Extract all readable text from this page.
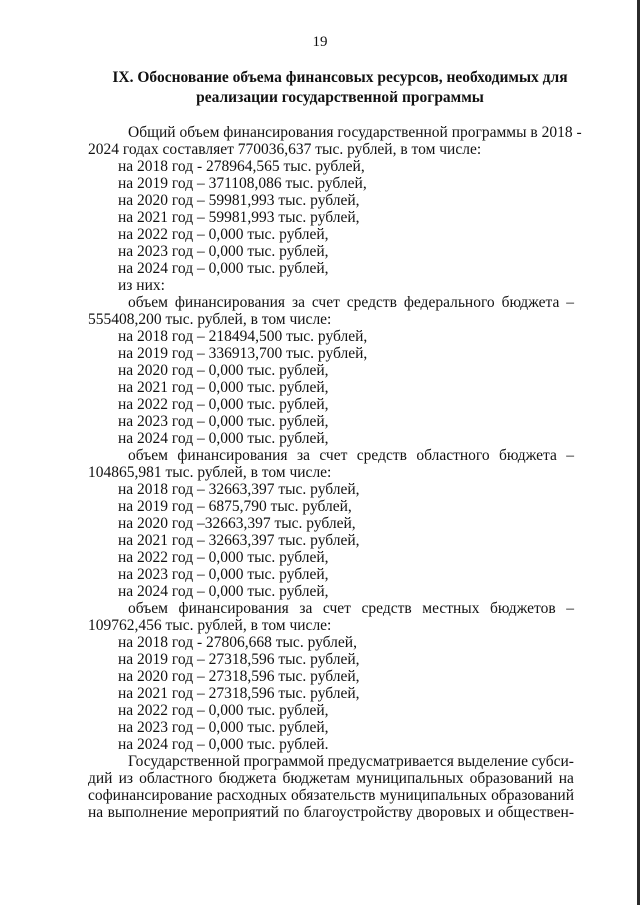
19
IX. Обоснование объема финансовых ресурсов, необходимых для
реализации государственной программы
Общий объем финансирования государственной программы в 2018 -
2024 годах составляет 770036,637 тыс. рублей, в том числе:
на 2018 год - 278964,565 тыс. рублей,
на 2019 год – 371108,086 тыс. рублей,
на 2020 год – 59981,993 тыс. рублей,
на 2021 год – 59981,993 тыс. рублей,
на 2022 год – 0,000 тыс. рублей,
на 2023 год – 0,000 тыс. рублей,
на 2024 год – 0,000 тыс. рублей,
из них:
объем финансирования за счет средств федерального бюджета –
555408,200 тыс. рублей, в том числе:
на 2018 год – 218494,500 тыс. рублей,
на 2019 год – 336913,700 тыс. рублей,
на 2020 год – 0,000 тыс. рублей,
на 2021 год – 0,000 тыс. рублей,
на 2022 год – 0,000 тыс. рублей,
на 2023 год – 0,000 тыс. рублей,
на 2024 год – 0,000 тыс. рублей,
объем финансирования за счет средств областного бюджета –
104865,981 тыс. рублей, в том числе:
на 2018 год – 32663,397 тыс. рублей,
на 2019 год – 6875,790 тыс. рублей,
на 2020 год –32663,397 тыс. рублей,
на 2021 год – 32663,397 тыс. рублей,
на 2022 год – 0,000 тыс. рублей,
на 2023 год – 0,000 тыс. рублей,
на 2024 год – 0,000 тыс. рублей,
объем финансирования за счет средств местных бюджетов –
109762,456 тыс. рублей, в том числе:
на 2018 год - 27806,668 тыс. рублей,
на 2019 год – 27318,596 тыс. рублей,
на 2020 год – 27318,596 тыс. рублей,
на 2021 год – 27318,596 тыс. рублей,
на 2022 год – 0,000 тыс. рублей,
на 2023 год – 0,000 тыс. рублей,
на 2024 год – 0,000 тыс. рублей.
Государственной программой предусматривается выделение субси-
дий из областного бюджета бюджетам муниципальных образований на
софинансирование расходных обязательств муниципальных образований
на выполнение мероприятий по благоустройству дворовых и обществен-
